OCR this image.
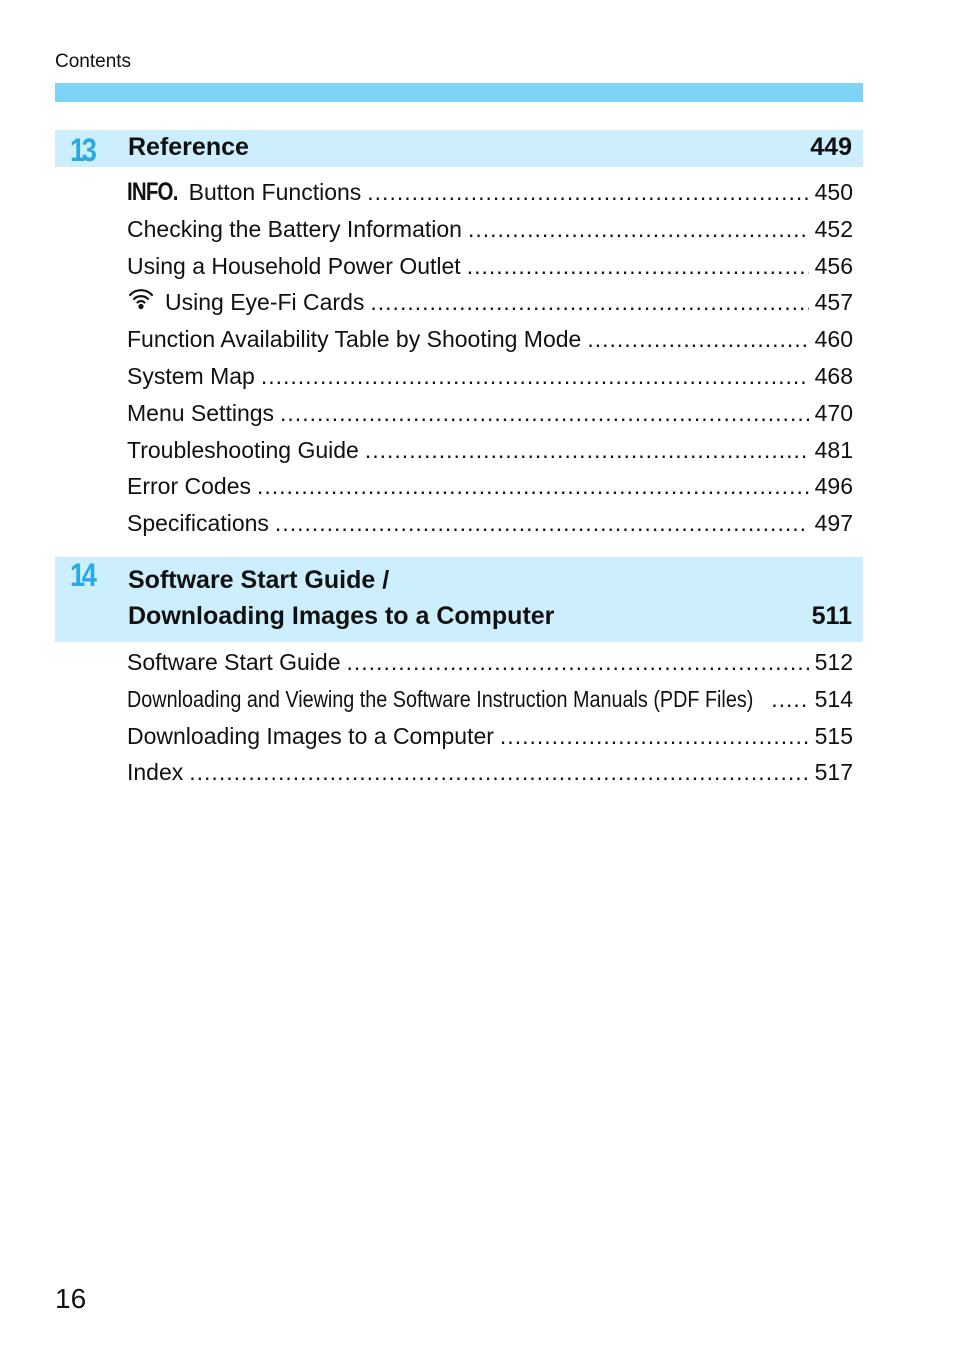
Contents
13 Reference	449
INFO. Button Functions .....	450
Checking the Battery Information .....	452
Using a Household Power Outlet .....	456
Using Eye-Fi Cards .....	457
Function Availability Table by Shooting Mode .....	460
System Map .....	468
Menu Settings .....	470
Troubleshooting Guide .....	481
Error Codes .....	496
Specifications .....	497
14 Software Start Guide /
Downloading Images to a Computer	511
Software Start Guide .....	512
Downloading and Viewing the Software Instruction Manuals (PDF Files) .....	514
Downloading Images to a Computer .....	515
Index .....	517
16
